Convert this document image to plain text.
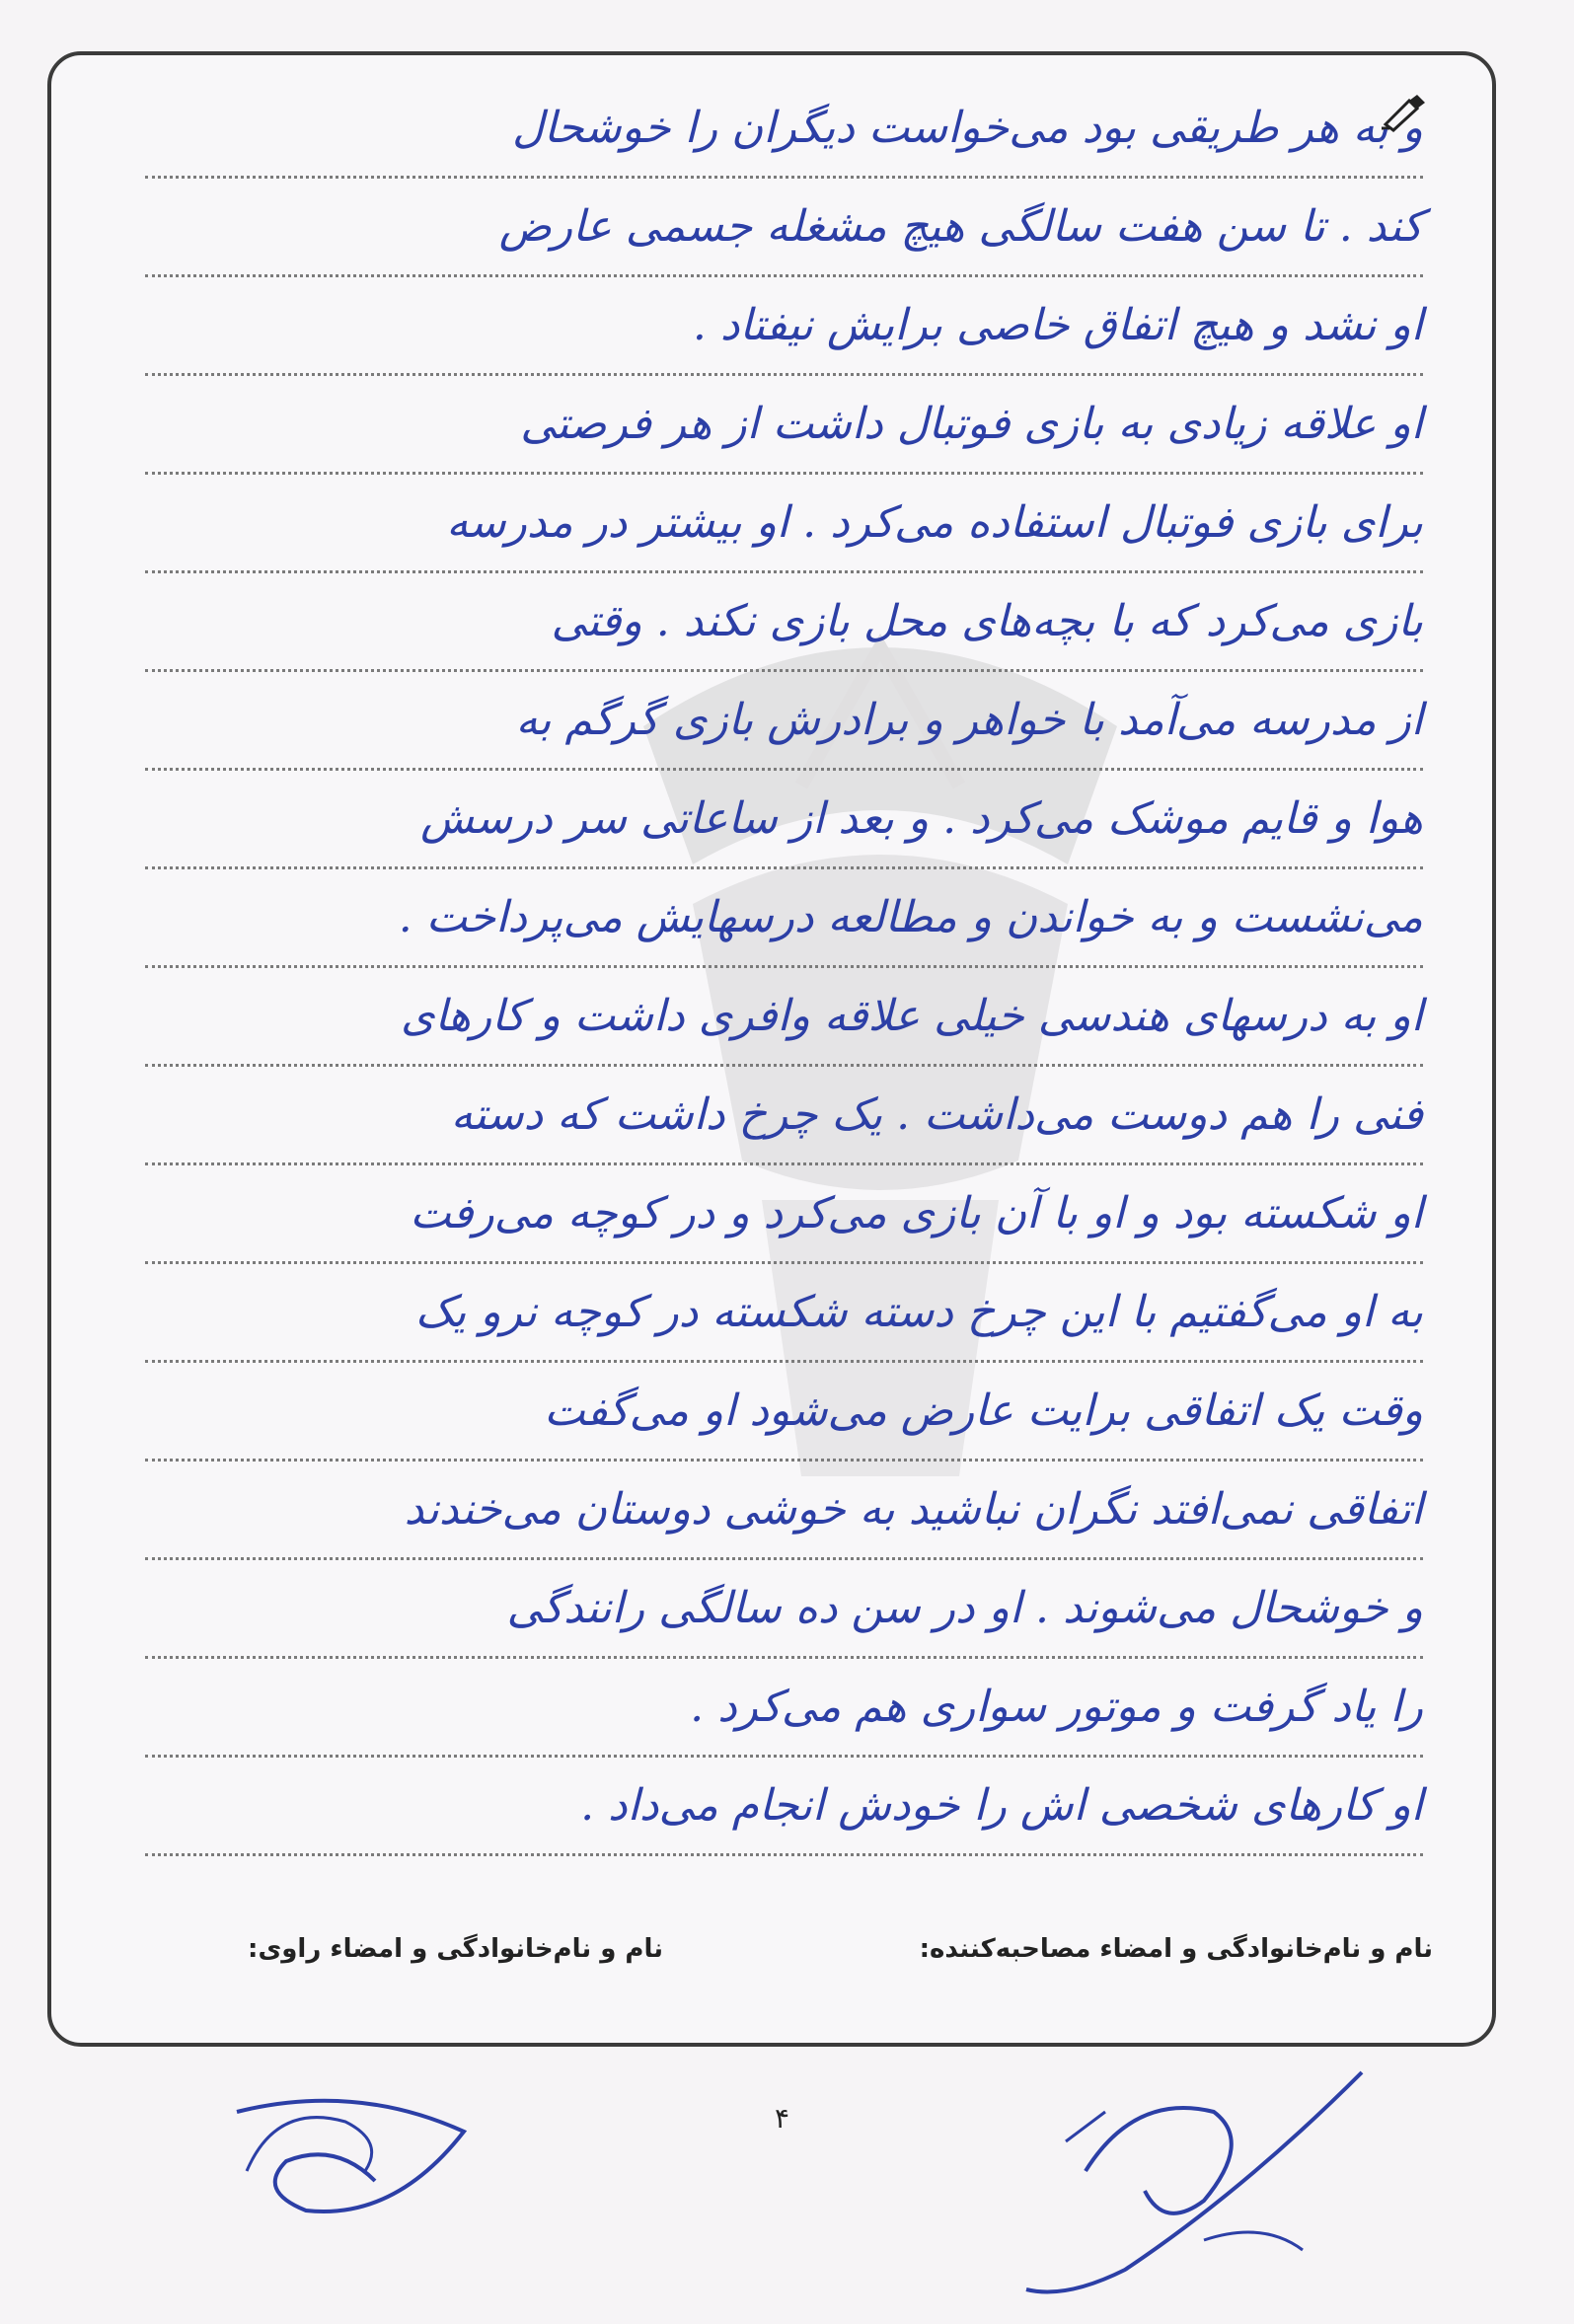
و به هر طریقی بود می‌خواست دیگران را خوشحال
کند . تا سن هفت سالگی هیچ مشغله جسمی عارض
او نشد و هیچ اتفاق خاصی برایش نیفتاد .
او علاقه زیادی به بازی فوتبال داشت از هر فرصتی
برای بازی فوتبال استفاده می‌کرد . او بیشتر در مدرسه
بازی می‌کرد که با بچه‌های محل بازی نکند . وقتی
از مدرسه می‌آمد با خواهر و برادرش بازی گرگم به
هوا و قایم موشک می‌کرد . و بعد از ساعاتی سر درسش
می‌نشست و به خواندن و مطالعه درسهایش می‌پرداخت .
او به درسهای هندسی خیلی علاقه وافری داشت و کارهای
فنی را هم دوست می‌داشت . یک چرخ داشت که دسته
او شکسته بود و او با آن بازی می‌کرد و در کوچه می‌رفت
به او می‌گفتیم با این چرخ دسته شکسته در کوچه نرو یک
وقت یک اتفاقی برایت عارض می‌شود او می‌گفت
اتفاقی نمی‌افتد نگران نباشید به خوشی دوستان می‌خندند
و خوشحال می‌شوند . او در سن ده سالگی رانندگی
را یاد گرفت و موتور سواری هم می‌کرد .
او کارهای شخصی اش را خودش انجام می‌داد .
نام و نام‌خانوادگی و امضاء مصاحبه‌کننده:
نام و نام‌خانوادگی و امضاء راوی:
۴
